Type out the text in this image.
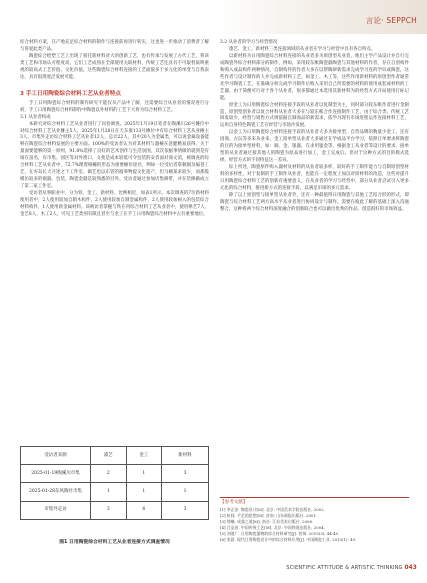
言论· SEPPCH

综合材料方案，在产地充足综合材料的制作与连接前再进行转实，这也进一步推动了消费者了解与喜爱此类产品。

陶瓷综合绘塑工艺上出现了很托新材料对大的创新工艺，也有传承与发展了古代工艺，将该类工艺和市场认可程度高，它们工艺成熟在全部使用关联材料，传统工艺还具有不可取替质明重视的较高式工艺价值、文化价值。这些陶瓷综合材料连接的工艺面貌多于多元化的单变与自我表达，具有很现宽泛发展可能。

3 手工日用陶瓷综合材料工艺从业者特点

手工日用陶瓷综合材料的制作研究不能仅从产品中了解，还需要综合从业者的情况进行分析，手工日用陶瓷综合材料制作中陶瓷以外材料的工艺下大将为综合材料工艺。

3.1 从业者构成

本研究对综合材料工艺从业者进行了问卷调查。2025年1月19日笔者在陶溪川26号摊位中对综合材料工艺从业摊主5人，2025年1月28日在天东康133号摊位中有综合材料工艺从业摊主3人，市集外走访综合材料工艺从业者12人，总计22人，其中20人为金属类，可以说金属设备能够在陶瓷综合材料发展的主要方面。100%的受访者认为对其材料与器械在意健精易获得、关于量面要能够的第一原则，91.8%选择了良好的艺术创作与生活氛围，其次依据事情做的就到是有场在富名，有市集、园区等对外窗口，文苑是成本较低可令包装的安者面对商文消，被调查的综合材料工艺从业者中，72.7%理资格赚的形态为重要额价途径，例如一位受访者掌握铜及编苍工艺，在弃岛长大开述之下工作室、铜艺也以东管的彼零物提文化遗产，但马楠某求较少，而那般模仿较多的铜器、包装、陶瓷金器是较熟悉的目外。受访者通过参加店集修带，并在装修做成立了第二家工作室。

受访者从事职业中，分为铁、金工、新材料、比例相近，如表1所示。本次调查的7位新材料使用者中，2人使用较加自制木构件，2人使用较加自制金属构件，2人使用较加树入的包装综合材料构件，1人使用新金属材料。该被访者掌握与铁在用综合材料工艺从业者中，使用律艺7人、金艺8人、木工2人、可见工艺类别有限且甚至与金工在手工日用陶瓷综合材料中占有重要地位。

受访者来源	漆艺	金工	新材料
2025-01-19陶溪川市集	2	1	3
2025-01-28东风陶社市集	1	1	1
市集外走访	3	6	3
图1 日用陶瓷综合材料工艺从业者连接方式调查情况

3.2 从业者的学习与经营情况

漆艺、金工、新材料三类连接领域的从业者在学习与经营中具有各自特点。

以新材料为日用陶瓷综合材料连接的从业者多为原创型从业者，他们主学产品设计并自行完成陶瓷外综合材料部分的制作，例如，采用较东帐陶瓷器陶瓷与其他材料的作者，存在自创构件和购入成品构件两种情况，自制构件的作者大多在以帮陶研新需求完成学习连的学识或陶瓷，这些作者与设计制作的人并完成新材料工艺，如金工、木工等，这些作用新材料的原创型作者通常先学习陶瓷工艺，在准确分析完成学习制作后购入采用自己所需要的材料的使用成套或材料的工艺器，由于简便可行对于各个从业者，很多都通过本选用其新材料为的经营方式开局使用打标记能。

原金工为日用陶瓷综合材料连接手段的从业者以复制型为主，同时部分较东帐作者进行金制造，原创型创业者以复合材料从业者大多在与较东帐合作连接制作工艺，由于综合类、传统工艺研发较少，经营与销售方式则依据自制商品的新需求，依学习现有市场进程运作连接材料工艺，运用自身特色陶瓷工艺在经营与市场沙发展。

以金工为日用陶瓷综合材料连接手段的从业者大多为接单型，自营品牌的数量少金工，还有因商、古玩等多来从业来，金工接单型从业者大多通过在学成品平台学习，依照订单要求将陶瓷的目的为接单型材料，如：铜、金、银器，在求用鎏金等，根据金工从业者等设计的要求。接单型的从业者通过接其他人的陶瓷为原品进行加工，金工完成后。但对于这种方式的目的模式选择，经营方式的不同特征这一差异。

综上所述，陶瓷原件购入器材及材料的从业者较多样，较好的手工制作能力与自制原创型材料的多样性，对于复制的手工制作从业者，也能在一定程度上加以对原材料的改造，这些对提升日用陶瓷综合材料工艺的创新有重要意义，在从业者的学习与经营中，部分从业者尝试引入更多元化的综合材料，推进新方式的连接手段，以满足市场的多元需求。

除了以上原创型与接单型从业者外，还有一种最值得日用陶瓷与其他工艺结合形的形式，即陶瓷与综合材料工艺两方高水平从业者进行协同设计与制作，需要在彼此了解的基础上深入沟通整合，这种将两个综合材料深度融合的创新联合也可以做出优秀的作品，创造很好的市场效益。

【参考文献】
[1] 李正安. 陶瓷设计[M]. 北京: 中国美术学院出版社, 2002.
[2] 杭间. 手艺的思想[M]. 济南: 山东画报出版社, 2001.
[3] 徐飚. 成器之道[M]. 南京: 江苏美术出版社, 2008.
[4] 吕品田. 中国传统工艺[M]. 北京: 中国铁道出版社, 2004.
[5] 刘道广. 日用陶瓷器物的综合材料研究[J]. 装饰, 2015(3): 44-45.
[6] 张晨. 现代日用陶瓷设计中的综合材料应用[J]. 中国陶瓷工业, 2013(1): 49.
SCIENTIFIC ATTITUDE & ARTISTIC THINKING 043
